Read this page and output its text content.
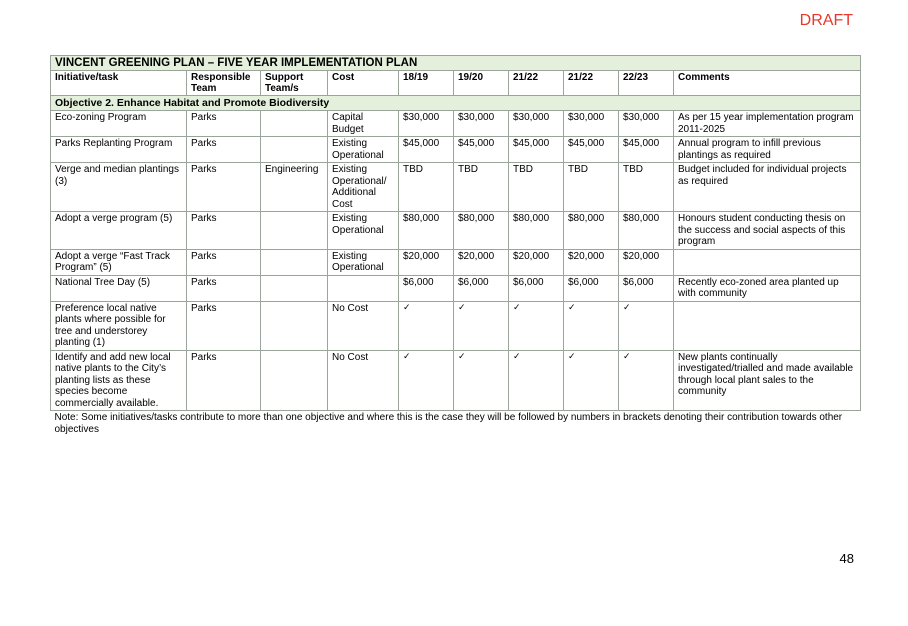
DRAFT
VINCENT GREENING PLAN – FIVE YEAR IMPLEMENTATION PLAN									
Initiative/task	Responsible Team	Support Team/s	Cost	18/19	19/20	21/22	21/22	22/23	Comments
Objective 2. Enhance Habitat and Promote Biodiversity									
Eco-zoning Program	Parks		Capital Budget	$30,000	$30,000	$30,000	$30,000	$30,000	As per 15 year implementation program 2011-2025
Parks Replanting Program	Parks		Existing Operational	$45,000	$45,000	$45,000	$45,000	$45,000	Annual program to infill previous plantings as required
Verge and median plantings (3)	Parks	Engineering	Existing Operational/ Additional Cost	TBD	TBD	TBD	TBD	TBD	Budget included for individual projects as required
Adopt a verge program (5)	Parks		Existing Operational	$80,000	$80,000	$80,000	$80,000	$80,000	Honours student conducting thesis on the success and social aspects of this program
Adopt a verge “Fast Track Program” (5)	Parks		Existing Operational	$20,000	$20,000	$20,000	$20,000	$20,000	
National Tree Day (5)	Parks			$6,000	$6,000	$6,000	$6,000	$6,000	Recently eco-zoned area planted up with community
Preference local native plants where possible for tree and understorey planting (1)	Parks		No Cost	✓	✓	✓	✓	✓	
Identify and add new local native plants to the City’s planting lists as these species become commercially available.	Parks		No Cost	✓	✓	✓	✓	✓	New plants continually investigated/trialled and made available through local plant sales to the community
Note: Some initiatives/tasks contribute to more than one objective and where this is the case they will be followed by numbers in brackets denoting their contribution towards other objectives									
48
